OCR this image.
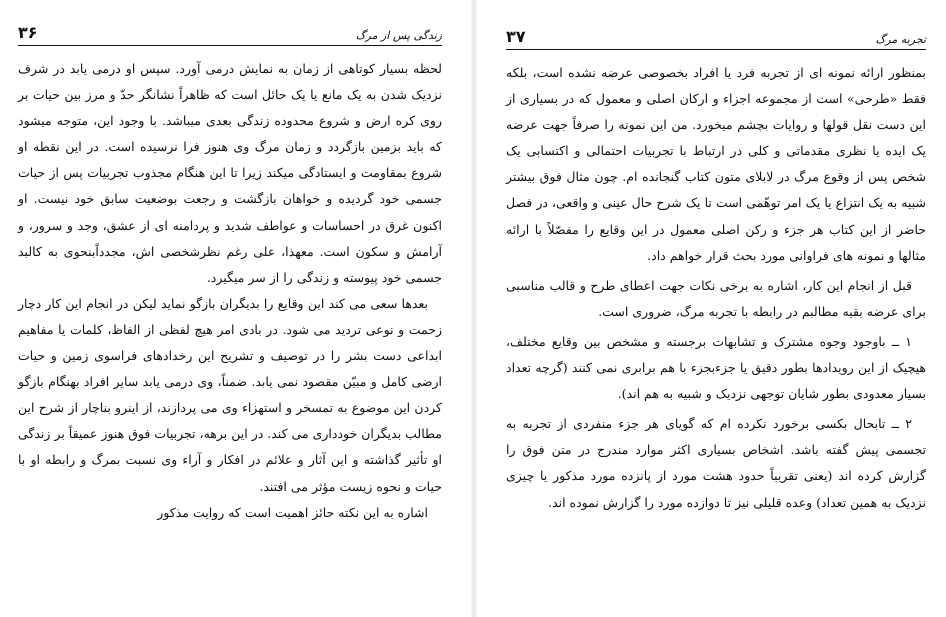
زندگی پس از مرگ
۳۶

لحظه بسیار کوتاهی از زمان به نمایش درمی آورد. سپس او درمی یابد در شرف نزدیک شدن به یک مانع یا یک حائل است که ظاهراً نشانگر حدّ و مرز بین حیات بر روی کره ارض و شروع محدوده زندگی بعدی میباشد. با وجود این، متوجه میشود که باید بزمین بازگردد و زمان مرگ وی هنوز فرا نرسیده است. در این نقطه او شروع بمقاومت و ایستادگی میکند زیرا تا این هنگام مجذوب تجربیات پس از حیات جسمی خود گردیده و خواهان بازگشت و رجعت بوضعیت سابق خود نیست. او اکنون غرق در احساسات و عواطف شدید و پردامنه ای از عشق، وجد و سرور، و آرامش و سکون است. معهذا، علی رغم نظرشخصی اش، مجدداًبنحوی به کالبد جسمی خود پیوسته و زندگی را از سر میگیرد.

بعدها سعی می کند این وقایع را بدیگران بازگو نماید لیکن در انجام این کار دچار زحمت و نوعی تردید می شود. در بادی امر هیچ لفظی از الفاظ، کلمات یا مفاهیم ابداعی دست بشر را در توصیف و تشریح این رخدادهای فراسوی زمین و حیات ارضی کامل و مبیّن مقصود نمی یابد. ضمناً، وی درمی یابد سایر افراد بهنگام بازگو کردن این موضوع به تمسخر و استهزاء وی می پردازند، از اینرو بناچار از شرح این مطالب بدیگران خودداری می کند. در این برهه، تجربیات فوق هنوز عمیقاً بر زندگی او تأثیر گذاشته و این آثار و علائم در افکار و آراء وی نسبت بمرگ و رابطه او با حیات و نحوه زیست مؤثر می افتند.

اشاره به این نکته حائز اهمیت است که روایت مذکور

تجربه مرگ
۳۷

بمنظور ارائه نمونه ای از تجربه فرد یا افراد بخصوصی عرضه نشده است، بلکه فقط «طرحی» است از مجموعه اجزاء و ارکان اصلی و معمول که در بسیاری از این دست نقل قولها و روایات بچشم میخورد. من این نمونه را صرفاً جهت عرضه یک ایده یا نظری مقدماتی و کلی در ارتباط با تجربیات احتمالی و اکتسابی یک شخص پس از وقوع مرگ در لابلای متون کتاب گنجانده ام. چون مثال فوق بیشتر شبیه به یک انتزاع یا یک امر توهّمی است تا یک شرح حال عینی و واقعی، در فصل حاضر از این کتاب هر جزء و رکن اصلی معمول در این وقایع را مفصّلاً با ارائه مثالها و نمونه های فراوانی مورد بحث قرار خواهم داد.

قبل از انجام این کار، اشاره به برخی نکات جهت اعطای طرح و قالب مناسبی برای عرضه بقیه مطالبم در رابطه با تجربه مرگ، ضروری است.

۱ ــ باوجود وجوه مشترک و تشابهات برجسته و مشخص بین وقایع مختلف، هیچیک از این رویدادها بطور دقیق یا جزءبجزء با هم برابری نمی کنند (گرچه تعداد بسیار معدودی بطور شایان توجهی نزدیک و شبیه به هم اند).

۲ ــ تابحال بکسی برخورد نکرده ام که گویای هر جزء منفردی از تجربه به تجسمی پیش گفته باشد. اشخاص بسیاری اکثر موارد مندرج در متن فوق را گزارش کرده اند (یعنی تقریباً حدود هشت مورد از پانزده مورد مذکور یا چیزی نزدیک به همین تعداد) وعده قلیلی نیز تا دوازده مورد را گزارش نموده اند.
